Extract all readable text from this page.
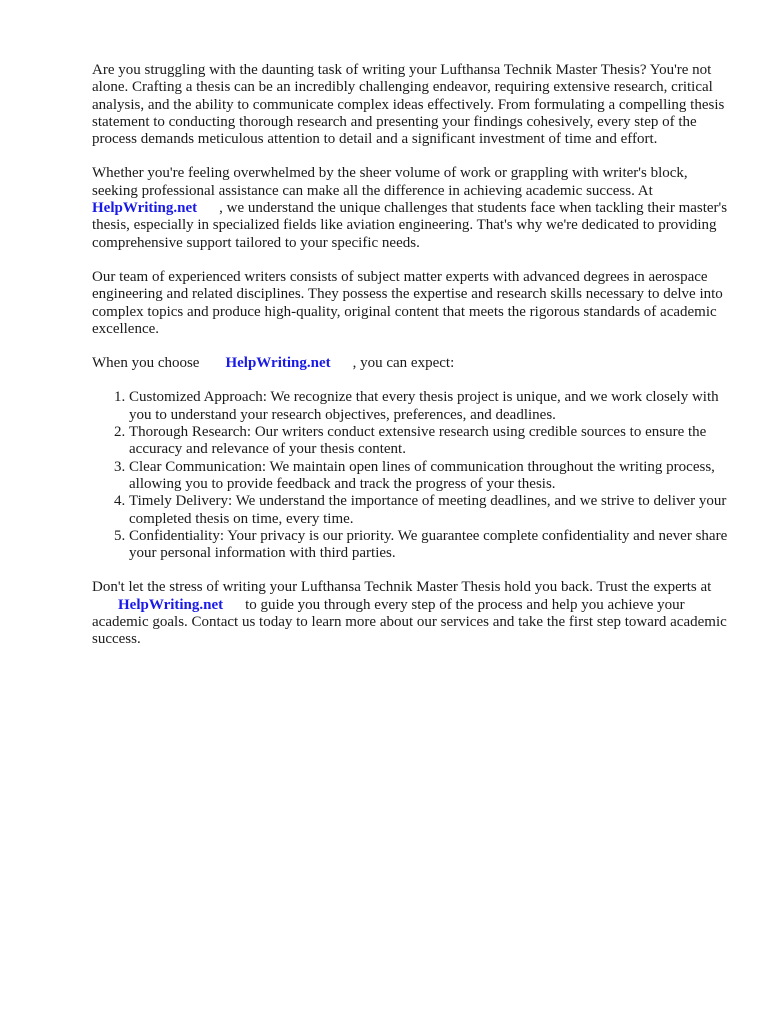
Are you struggling with the daunting task of writing your Lufthansa Technik Master Thesis? You're not alone. Crafting a thesis can be an incredibly challenging endeavor, requiring extensive research, critical analysis, and the ability to communicate complex ideas effectively. From formulating a compelling thesis statement to conducting thorough research and presenting your findings cohesively, every step of the process demands meticulous attention to detail and a significant investment of time and effort.

Whether you're feeling overwhelmed by the sheer volume of work or grappling with writer's block, seeking professional assistance can make all the difference in achieving academic success. At
HelpWriting.net , we understand the unique challenges that students face when tackling their master's thesis, especially in specialized fields like aviation engineering. That's why we're dedicated to providing comprehensive support tailored to your specific needs.

Our team of experienced writers consists of subject matter experts with advanced degrees in aerospace engineering and related disciplines. They possess the expertise and research skills necessary to delve into complex topics and produce high-quality, original content that meets the rigorous standards of academic excellence.

When you choose HelpWriting.net , you can expect:

1. Customized Approach : We recognize that every thesis project is unique, and we work closely with you to understand your research objectives, preferences, and deadlines.
2. Thorough Research : Our writers conduct extensive research using credible sources to ensure the accuracy and relevance of your thesis content.
3. Clear Communication : We maintain open lines of communication throughout the writing process, allowing you to provide feedback and track the progress of your thesis.
4. Timely Delivery : We understand the importance of meeting deadlines, and we strive to deliver your completed thesis on time, every time.
5. Confidentiality : Your privacy is our priority. We guarantee complete confidentiality and never share your personal information with third parties.

Don't let the stress of writing your Lufthansa Technik Master Thesis hold you back. Trust the experts atHelpWriting.net to guide you through every step of the process and help you achieve your academic goals. Contact us today to learn more about our services and take the first step toward academic success.
